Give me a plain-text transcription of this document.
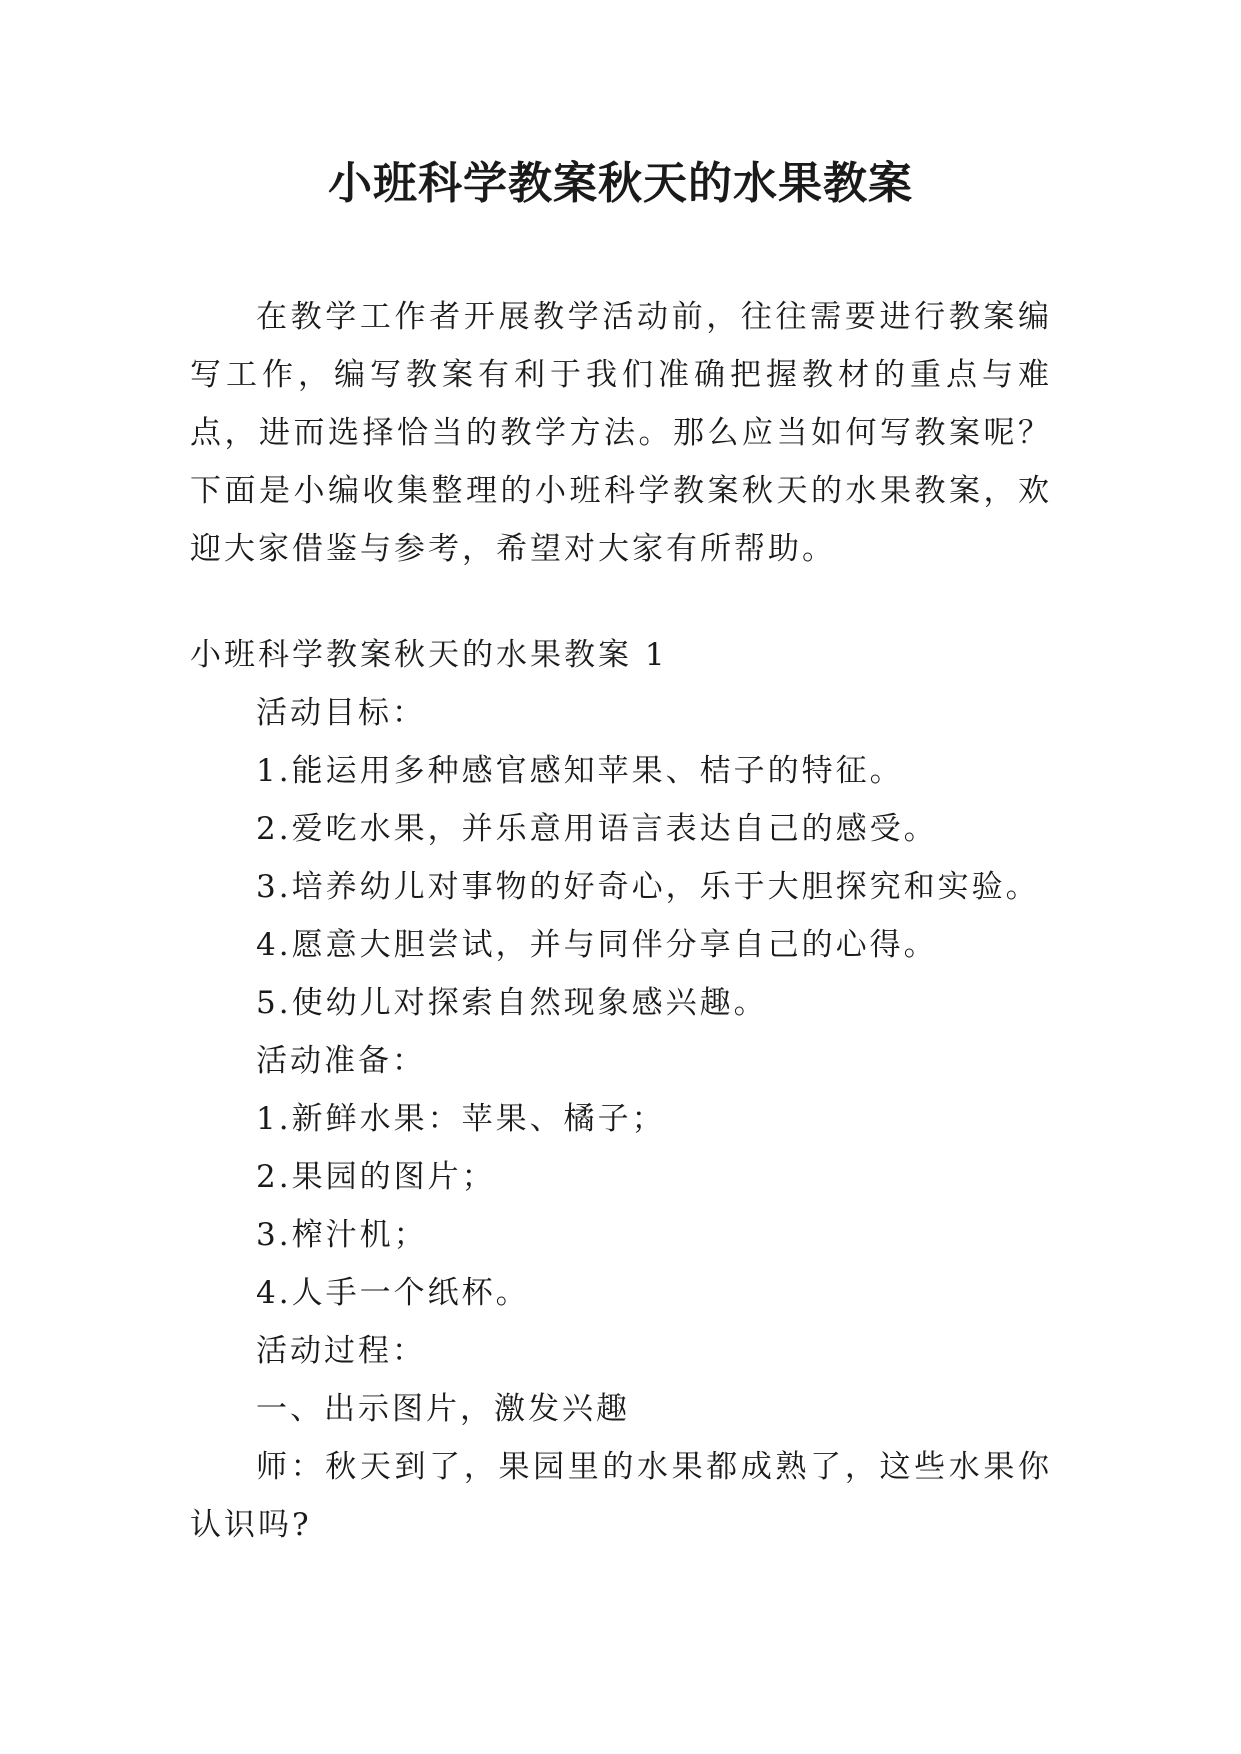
小班科学教案秋天的水果教案

在教学工作者开展教学活动前，往往需要进行教案编写工作，编写教案有利于我们准确把握教材的重点与难点，进而选择恰当的教学方法。那么应当如何写教案呢？下面是小编收集整理的小班科学教案秋天的水果教案，欢迎大家借鉴与参考，希望对大家有所帮助。

小班科学教案秋天的水果教案 1

活动目标：

1.能运用多种感官感知苹果、桔子的特征。

2.爱吃水果，并乐意用语言表达自己的感受。

3.培养幼儿对事物的好奇心，乐于大胆探究和实验。

4.愿意大胆尝试，并与同伴分享自己的心得。

5.使幼儿对探索自然现象感兴趣。

活动准备：

1.新鲜水果：苹果、橘子；

2.果园的图片；

3.榨汁机；

4.人手一个纸杯。

活动过程：

一、出示图片，激发兴趣

师：秋天到了，果园里的水果都成熟了，这些水果你认识吗?
